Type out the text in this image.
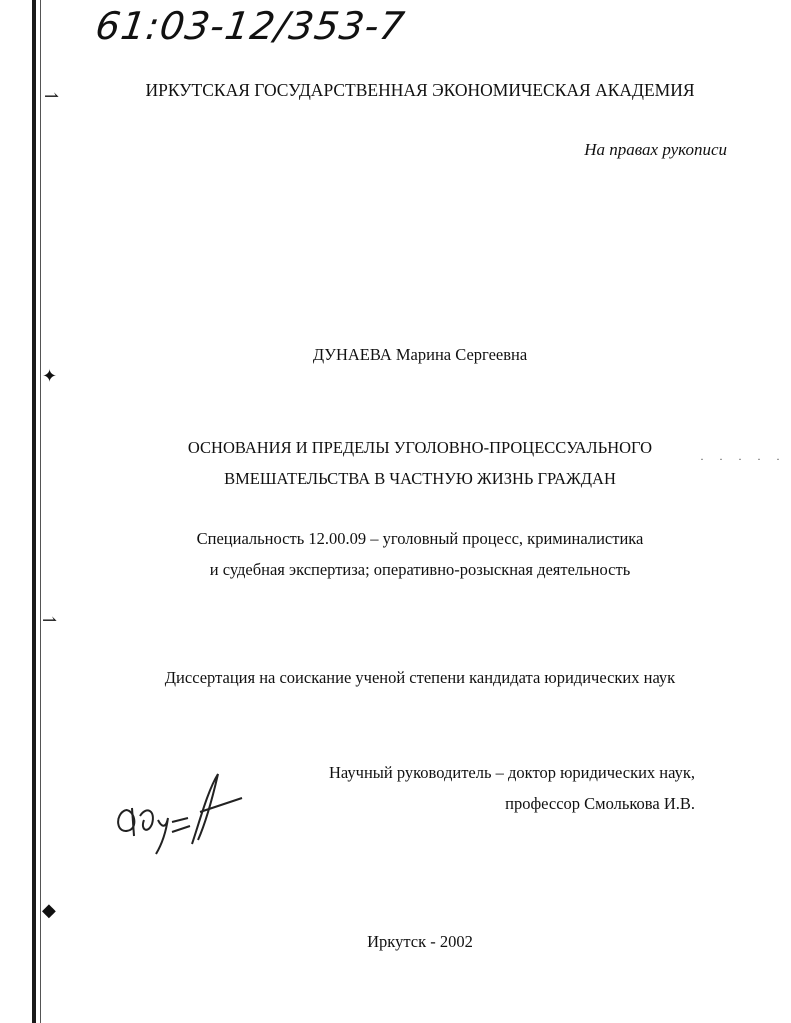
⇀
✦
⇀
◆
61:03-12/353-7
ИРКУТСКАЯ ГОСУДАРСТВЕННАЯ ЭКОНОМИЧЕСКАЯ АКАДЕМИЯ
На правах рукописи
ДУНАЕВА Марина Сергеевна
ОСНОВАНИЯ И ПРЕДЕЛЫ УГОЛОВНО-ПРОЦЕССУАЛЬНОГО
ВМЕШАТЕЛЬСТВА В ЧАСТНУЮ ЖИЗНЬ ГРАЖДАН
· · · · ·
Специальность 12.00.09 – уголовный процесс, криминалистика
и судебная экспертиза; оперативно-розыскная деятельность
Диссертация на соискание ученой степени кандидата юридических наук
Научный руководитель – доктор юридических наук,
профессор Смолькова И.В.
Иркутск - 2002
